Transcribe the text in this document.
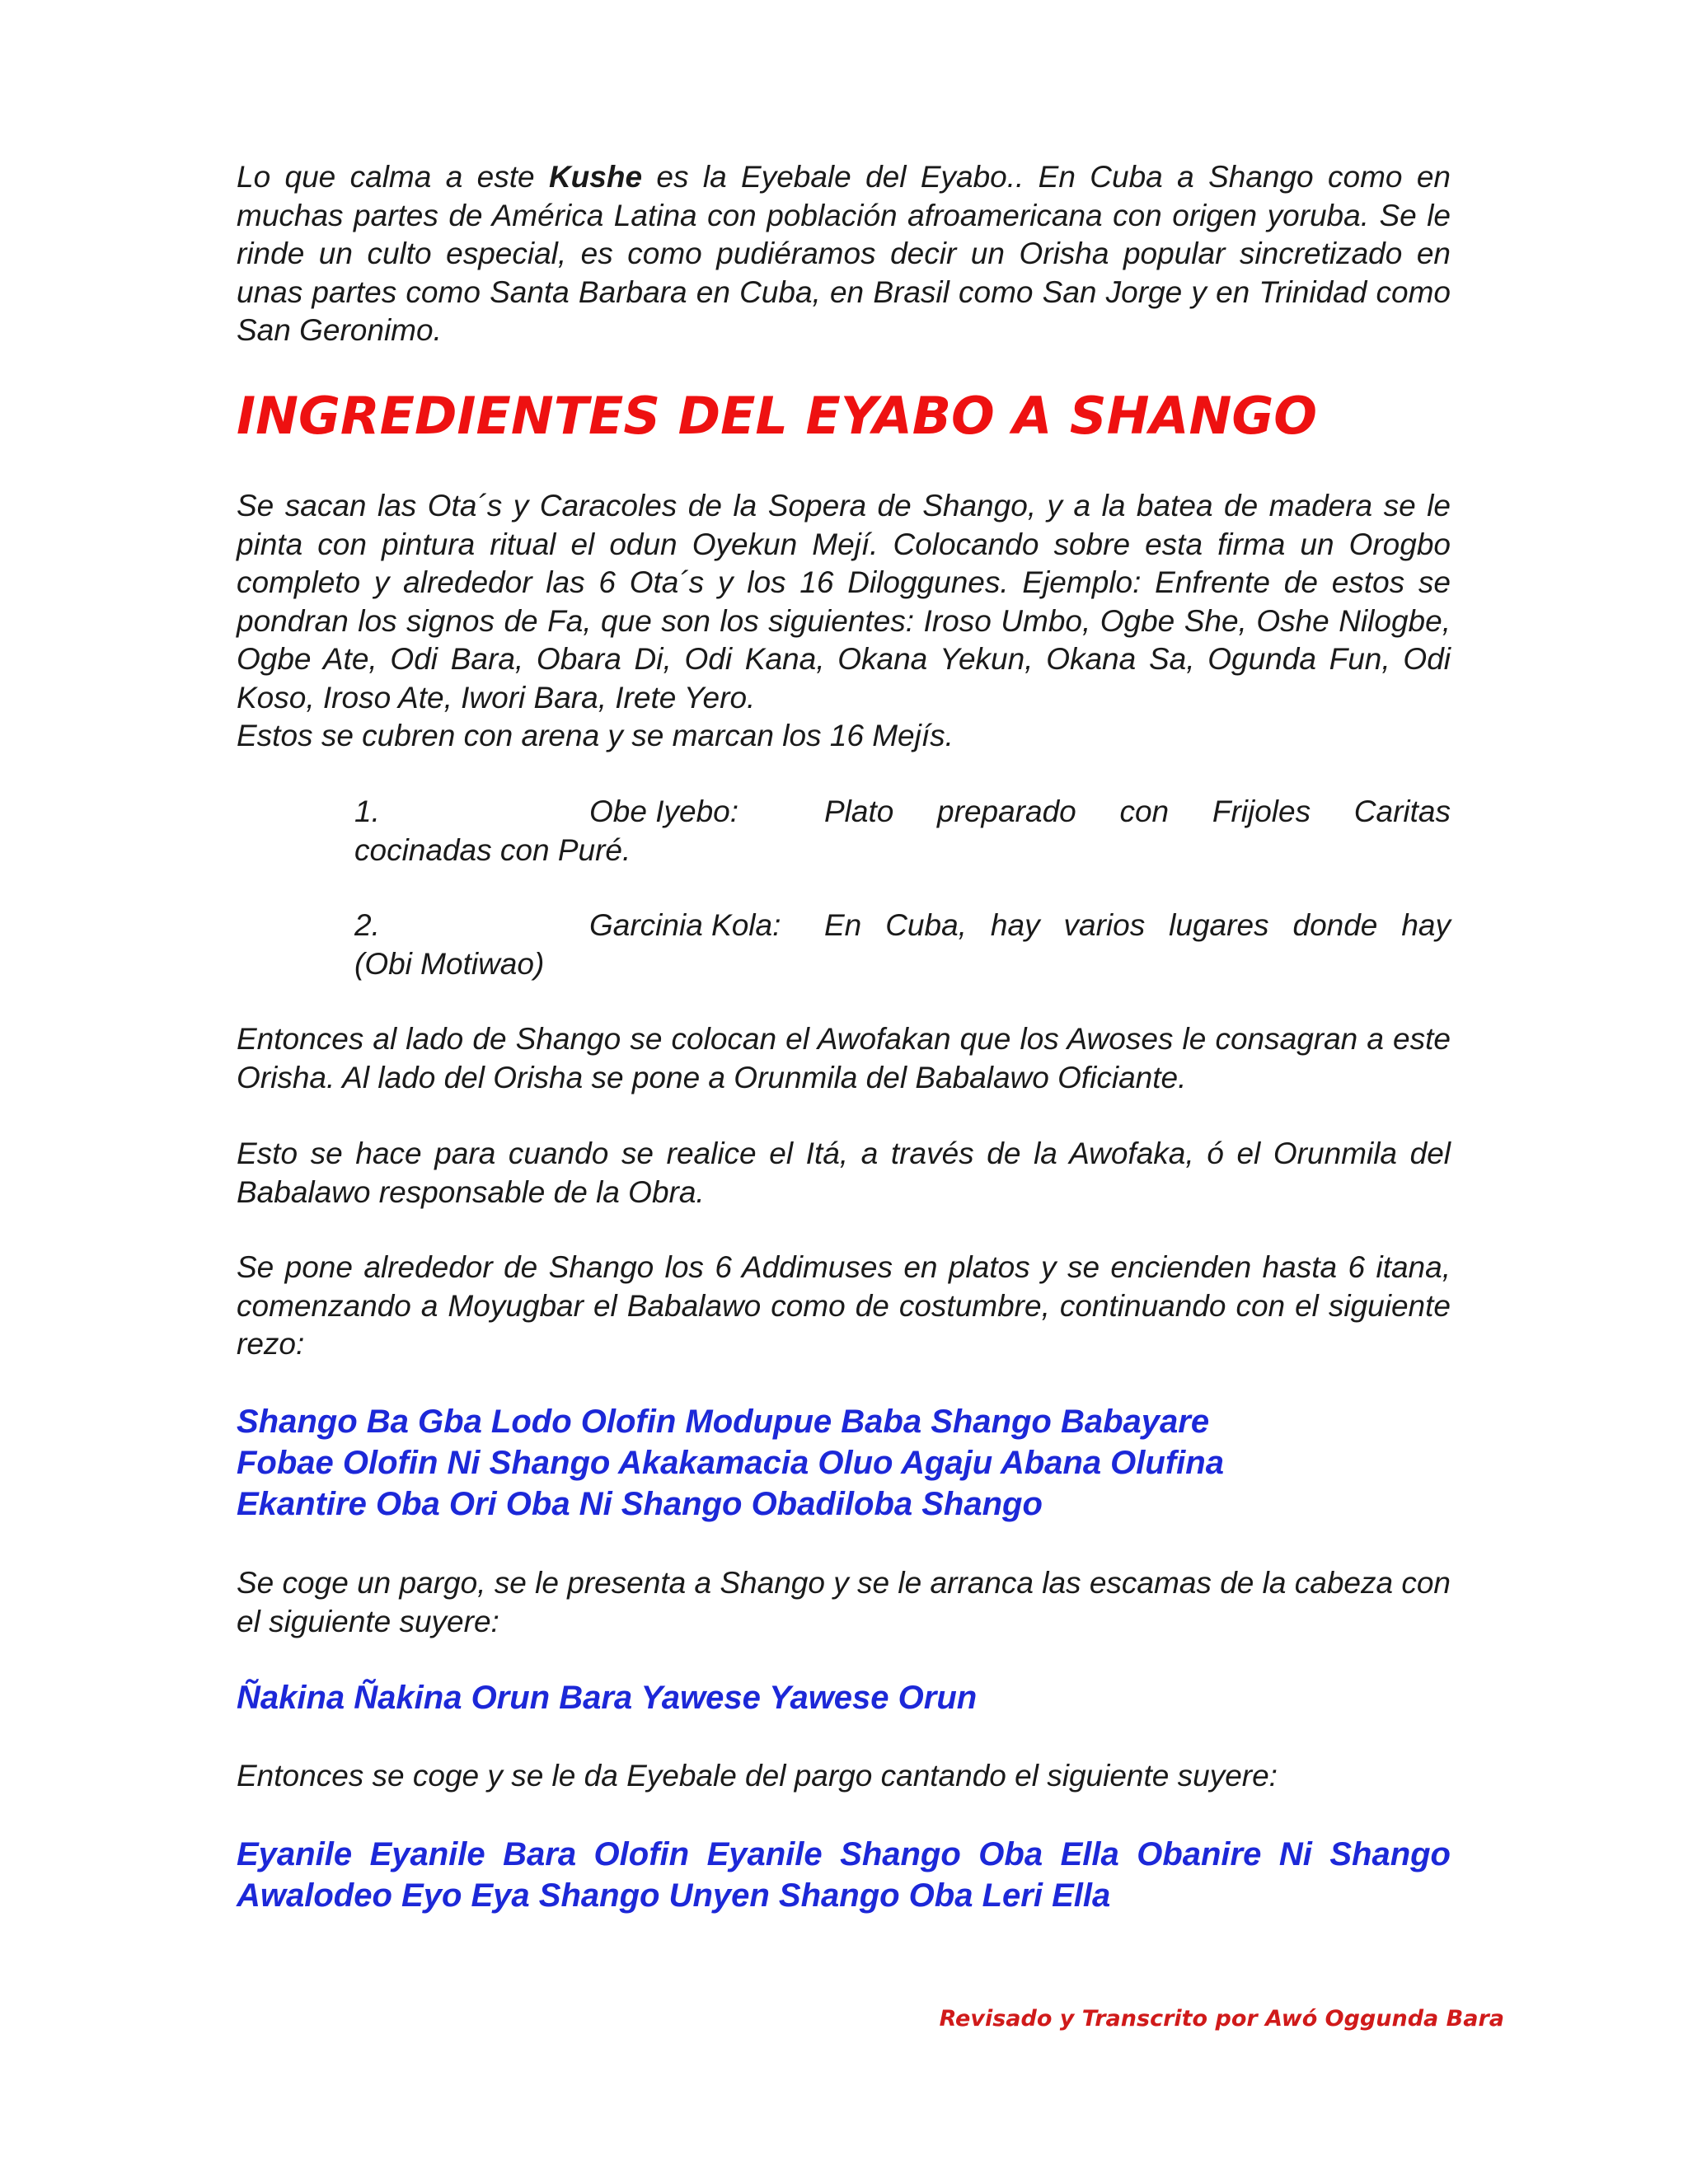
Lo que calma a este Kushe es la Eyebale del Eyabo.. En Cuba a Shango como en muchas partes de América Latina con población afroamericana con origen yoruba. Se le rinde un culto especial, es como pudiéramos decir un Orisha popular sincretizado en unas partes como Santa Barbara en Cuba, en Brasil como San Jorge y en Trinidad como San Geronimo.

INGREDIENTES DEL EYABO A SHANGO
Se sacan las Ota´s y Caracoles de la Sopera de Shango, y a la batea de madera se le pinta con pintura ritual el odun Oyekun Mejí. Colocando sobre esta firma un Orogbo completo y alrededor las 6 Ota´s y los 16 Diloggunes. Ejemplo: Enfrente de estos se pondran los signos de Fa, que son los siguientes: Iroso Umbo, Ogbe She, Oshe Nilogbe, Ogbe Ate, Odi Bara, Obara Di, Odi Kana, Okana Yekun, Okana Sa, Ogunda Fun, Odi Koso, Iroso Ate, Iwori Bara, Irete Yero.
Estos se cubren con arena y se marcan los 16 Mejís.
1.	Obe Iyebo:	Plato preparado con Frijoles Caritas
cocinadas con Puré.
2.	Garcinia Kola:	En Cuba, hay varios lugares donde hay
(Obi Motiwao)

Entonces al lado de Shango se colocan el Awofakan que los Awoses le consagran a este Orisha. Al lado del Orisha se pone a Orunmila del Babalawo Oficiante.

Esto se hace para cuando se realice el Itá, a través de la Awofaka, ó el Orunmila del Babalawo responsable de la Obra.

Se pone alrededor de Shango los 6 Addimuses en platos y se encienden hasta 6 itana, comenzando a Moyugbar el Babalawo como de costumbre, continuando con el siguiente rezo:

Shango Ba Gba Lodo Olofin Modupue Baba Shango Babayare
Fobae Olofin Ni Shango Akakamacia Oluo Agaju Abana Olufina
Ekantire Oba Ori Oba Ni Shango Obadiloba Shango

Se coge un pargo, se le presenta a Shango y se le arranca las escamas de la cabeza con el siguiente suyere:

Ñakina Ñakina Orun Bara Yawese Yawese Orun

Entonces se coge y se le da Eyebale del pargo cantando el siguiente suyere:

Eyanile Eyanile Bara Olofin Eyanile Shango Oba Ella Obanire Ni Shango Awalodeo Eyo Eya Shango Unyen Shango Oba Leri Ella

Revisado y Transcrito por Awó Oggunda Bara
